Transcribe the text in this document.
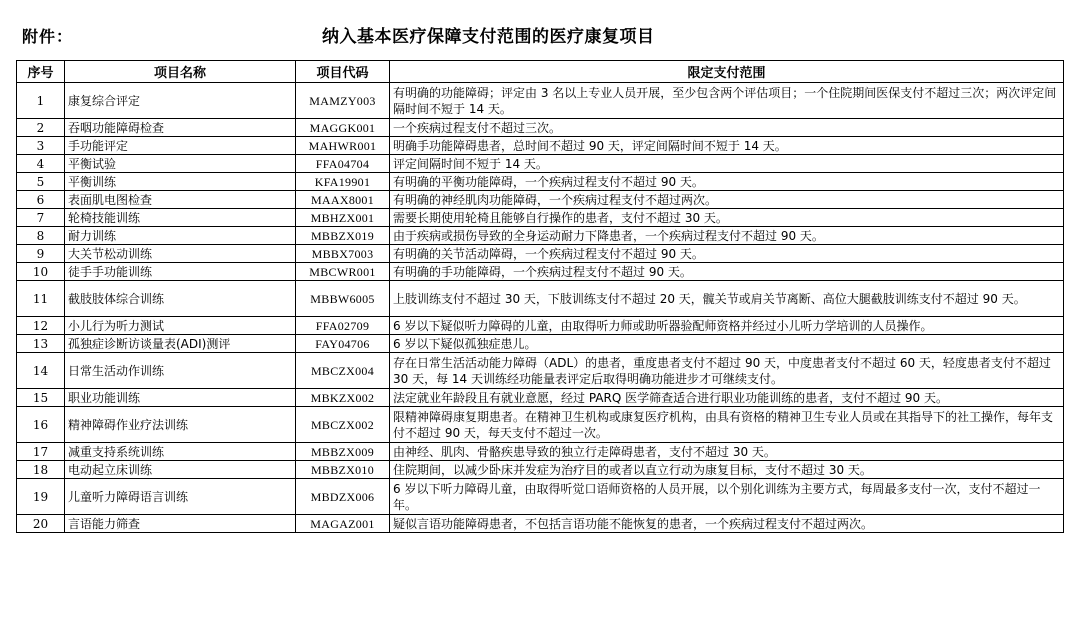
附件：	纳入基本医疗保障支付范围的医疗康复项目
序号	项目名称	项目代码	限定支付范围
1	康复综合评定	MAMZY003	有明确的功能障碍；评定由 3 名以上专业人员开展，至少包含两个评估项目；一个住院期间医保支付不超过三次；两次评定间隔时间不短于 14 天。
2	吞咽功能障碍检查	MAGGK001	一个疾病过程支付不超过三次。
3	手功能评定	MAHWR001	明确手功能障碍患者，总时间不超过 90 天，评定间隔时间不短于 14 天。
4	平衡试验	FFA04704	评定间隔时间不短于 14 天。
5	平衡训练	KFA19901	有明确的平衡功能障碍，一个疾病过程支付不超过 90 天。
6	表面肌电图检查	MAAX8001	有明确的神经肌肉功能障碍，一个疾病过程支付不超过两次。
7	轮椅技能训练	MBHZX001	需要长期使用轮椅且能够自行操作的患者，支付不超过 30 天。
8	耐力训练	MBBZX019	由于疾病或损伤导致的全身运动耐力下降患者，一个疾病过程支付不超过 90 天。
9	大关节松动训练	MBBX7003	有明确的关节活动障碍，一个疾病过程支付不超过 90 天。
10	徒手手功能训练	MBCWR001	有明确的手功能障碍，一个疾病过程支付不超过 90 天。
11	截肢肢体综合训练	MBBW6005	上肢训练支付不超过 30 天，下肢训练支付不超过 20 天，髋关节或肩关节离断、高位大腿截肢训练支付不超过 90 天。
12	小儿行为听力测试	FFA02709	6 岁以下疑似听力障碍的儿童，由取得听力师或助听器验配师资格并经过小儿听力学培训的人员操作。
13	孤独症诊断访谈量表(ADI)测评	FAY04706	6 岁以下疑似孤独症患儿。
14	日常生活动作训练	MBCZX004	存在日常生活活动能力障碍（ADL）的患者，重度患者支付不超过 90 天，中度患者支付不超过 60 天，轻度患者支付不超过 30 天，每 14 天训练经功能量表评定后取得明确功能进步才可继续支付。
15	职业功能训练	MBKZX002	法定就业年龄段且有就业意愿，经过 PARQ 医学筛查适合进行职业功能训练的患者，支付不超过 90 天。
16	精神障碍作业疗法训练	MBCZX002	限精神障碍康复期患者。在精神卫生机构或康复医疗机构，由具有资格的精神卫生专业人员或在其指导下的社工操作，每年支付不超过 90 天，每天支付不超过一次。
17	减重支持系统训练	MBBZX009	由神经、肌肉、骨骼疾患导致的独立行走障碍患者，支付不超过 30 天。
18	电动起立床训练	MBBZX010	住院期间，以减少卧床并发症为治疗目的或者以直立行动为康复目标，支付不超过 30 天。
19	儿童听力障碍语言训练	MBDZX006	6 岁以下听力障碍儿童，由取得听觉口语师资格的人员开展，以个别化训练为主要方式，每周最多支付一次，支付不超过一年。
20	言语能力筛查	MAGAZ001	疑似言语功能障碍患者，不包括言语功能不能恢复的患者，一个疾病过程支付不超过两次。
